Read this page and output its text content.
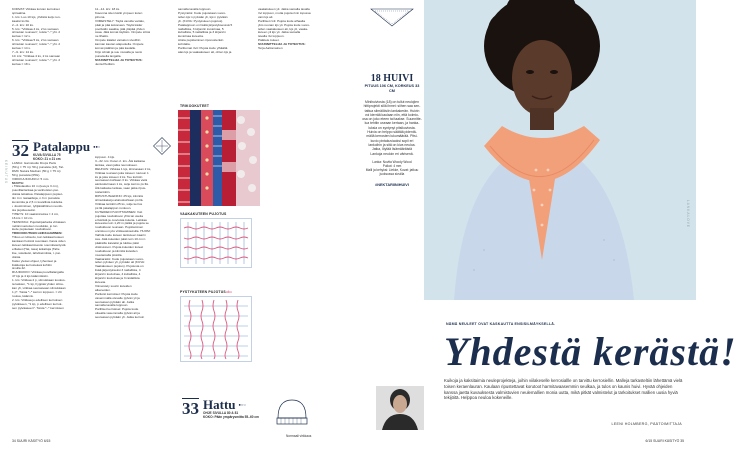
KORVAT: Virkkaa korvan kerrokset
spiraalina.
1. krs: Luo 10 kjs, yhdistä ketju ren-
kaaksi ks:llä.
2.–4. krs: 10 ks.
5. krs: "Virkkaa 4 ks, 2 ks samaan
silmukan reunaan", toista *–* yht. 2
kertaa = 12 s.
6. krs: "Virkkaa 5 ks, 2 ks samaan
silmukan reunaan", toista *–* yht. 2
kertaa = 14 s.
7.–9. krs: 14 ks.
10. krs: "Virkkaa 4 ks, 2 ks samaan
silmukan reunaan", toista *–* yht. 2
kertaa = 18 s.
11.–14. krs: 18 ks.
Kavenna siten kärki ympeen kuten
johona.
VIIMEISTELY: Täytä vanulla vartalo,
pääi ja pää kokonaan. Täytä käder
poolivälin saakka, jätä yläpää yhden
ssaa. Jätä korvat täyttäm. Ompele silmä
ne lihakis.
Ompele käädet varsalon sivulihin
kannan kautan alapuolella. Ompele
korvat päähän ja pää kaulalle.
Kirjo silmät ja suu musalla ja nenä
punaisella langalla.
SUUNNITTELIJA JA TOTEUTUS:
Jenta Pietiläm
32 Patalappu ●●○
KUVA SIVULLA 75
KOKO: 21 x 21 cm
LANKA: Garnstudio Drops Paris
(50 g = 75 m): 50 g punaista (12), Tal-
DMC Natura Medium (50 g = 75 m):
50 g punaista (05G).
VIRKKUUKOUKKU: 5 mm.
MUUTA:
• Tilkkulaukku 10 m (leveys 3 cm),
puuvillanlankaa ja vanhoista t-pai-
doista leikattua. Patalappuun pujotet-
tiin 4 m rasiaailtoja, n.3 m punaista
kuviointia ja 2,5 m kuvallista kuidetta.
• Joustimiinen, tyhjiästähtinen reunik-
sia pujotteeseksi.
TIHEYS: 10 vaaksinnuksa = 4 cm,
16 krs = 10 cm.
TEKNIIKKA: Pujotteliparketta virkataan
neliönmuotoisen ruudukko, jo Ion
kude pujotetaan ruudukkoon.
TRIKOOKUTEEN LEIKKAAMINEN:
Trikoo ei rulloudu, kun leikkaat kuteen
kankaan holoisti suuntaan. Kaiva viden
kuteen leikkaamisesta: soumkieteitystä
erllaiset (Hat, tasa) leikattuja (Tahe
ilse, soleikeist, lahvikeimiista, t. pai-
doista.
Katso yleiset ohjeet, lyhenteet ja
lisätietoja kerrostekeä kohtiin
sivulla 42.
RUUDUKKO: Virkkaa puuvillalangalla
47 kjs ja 4 kjs käännöksiin.
1. krs: Virkkaa 4 p, silmukkaan koukus-
ta laskien, *1 kp, hyppää yhden silmu-
kan yli, virkkaa seuraavaan silmukkaan
1 p*. Toista *–* kerron loppuun. = 24
ruutua, käännä.
2. krs: Virkkaa jo edellisen kerroksen
pylväiseen, *1 kp, p edellisen kerrok-
sen pylväaseen*. Toista *–* kerroksen
loppuun. 4 kjs.
3.–32. krs: Kuten 2. krs. Älä katkaise
lankaa, vaan jatka reunukseen.
REUNUS: Virkkaa 1 kjs, kiinnasaan 2 ks,
Virkkaa reunaan joka toiseen ruutuun 1
ks ja joka toiseen 2 ks. Tee kulmiin
seuraavan kohtaan 3 ks. Virkkaa vielä
aloituskulmaan 1 ks, sulje kerros ps:llä.
Älä katkaise lankaa, vaan jatka ripus-
tuslenkkiin.
RIPUSTUSLENKKI: 25 kjs, kiinnitä
silmukkaketju aloituskohtaan ps:llä.
Virkkaa lenkkiin 25 ks, sulje kerros
ps:llä patalappun runkoon.
KUTEIDEN PUJOTTAMINEN: Voit
pujottaa ruudukkoon yhtä tai useita
erivärisiä ja -kuvioisia kuteita. Leikkaa
kuteesta noin 1,20 m pätkä ja pujota se
ruudukkoon reunaan. Pujottaminen
onnistuu myös virkkauskoukulla. HUOM:
Vaihda kude kuteen lankuteen kaarin
ssa. Jätä kuteiden päät noin 10 cm:n
pääksille kaivaksi ja lukitse päät
viisikuvioon. Pujota kuteiden kuteet
ruudukkoon ja kiinnitä kuteiden
muutamalla pistolla.
Vaakarailot: Kude pujotetaan vuoro-
tellen pylväen yli, pylvään ali (KUVA:
Vaakakuteen pujotus). Pujotusta on
lisää järjestykseksi 3 raidallista, 4
kirjanrin kuviolnaa, 4 kuballista, 4
kirjanrin kuviolnaa ja 3 raidallista
kuteeta.
Viimeistely suurin kuteiden
alkeneiden.
Paritoist kerrokset: Pujota kude
vasemmalla olevalle pylvän yli ja
seuraavan pylvään ali. Jatka
samalla tavalla loppuun.
Parilliset kerrokset: Pujota kude
oikealla vasemmalla pylvän ali ja
seuraavan pylvään yli. Jatka kerroin
33 Hattu ●○○
OHJE SIVULLA 80 & 81
KOKO: Pään ympärysmitta 55–60 cm
samalla tavalla loppuun.
Pystyrailot: Kude pujotetaan vuoro-
tellen kjs:n pylvään yli, kjs:n pylvään
yli. (KUVA: Pystykuteen pujotus).
Patalappuun on lisätä järjestyksesssä 5
raidallista, 3 kirjanrin kuviolnaa, 5
kuballista, 5 raidallista ja 3 kirjanrin
kuviolnaa kuteetta.
Aloita pujottaminen riponuslenkin
kohdalta.
Parittomat rivit: Pujota kude ylhäältä
alas kjs ja vaakakuteen ali, ohten kjs ja
TRIKOOKUTEET
VAAKAKUTEEN PUJOTUS
PYSTYKUTEEN PUJOTUS alku
vaakakuteen yli. Jatka samalla tavalla
rivi loppuun, mutta pujota rivin lopussa
vain kjs ali.
Parilliset rivit: Pujota kude alhaalta
ylös reunan kjs yli. Pujota kude vuoro-
tellen vaakakuteen ali, kjs yli, vaaka-
kuteen yli kjs yli. Jatka samalla
tavalla rivi loppuun.
Päättele kuteet.
SUUNNITTELIJA JA TOTEUTUS:
Terja Aaltomainen
Normaali virkkaus
KEINUTUS
34 SUURI KÄSITYÖ 6/15
18 HUIVI
PITUUS 106 CM, KORKEUS 33 CM
Minihuiviosta (18) on tullut neulojien
hittiprojekti sillä ihmei: siihen saa sen-
tattua silmälöisiin lankakerän. Huivin
voi kierrää kaulaan niin, että kolmio-
osa on joko eteen tai taakse. Suunnitte-
lua tehtiin useaan kertaan, ja hanka-
luksia on syntynyt pitsikuviosta.
Huivia on helppo säätää pidentä-
mällä kerrosten lukumäärää. Pitsi-
kuvio pintakuviaoksi sopii eri
lankoihin ja sitä on kiva neuloa.
Jatka, löytää lisämääräistä
Lankoja neuloin eri värisenä.
Lanka: Novita Woody Wood
Puikot: 4 mm
Malli ja kehyksi: Liekke, Kuvat: jatkuu
juoksussa sivuilla
#NEKTARIINIHUIVI
LANKALOVE
NÄMÄ NEULEET OVAT KASKAUTTA ENSISILMÄYKSELLÄ.
Yhdestä kerästä!
Kuikoja ja kaksitaimia neuleprojekteja, joihin viilakeselle kerrosiallle on tarvittu kerrosiellin. Malleja tarkasteltiin lähettämä vielä toisen keraenlauran. Kaulaan ripustettavat korutoot harmitavaasemmin seulkaa, ja tulos on kaunis huivi. Hyvää ohjeiden kanssa jaetta kuvauksesta valmistuvien neulemallien monia uutta, mikä pitkät valmistelut ja tarkoitukset mallien uusia hyviä tekijöitä. Helppoa neuloa kokeneille.
LEENI HOLMBERG, PÄÄTOIMITTAJA
6/15 SUURI KÄSITYÖ 35
